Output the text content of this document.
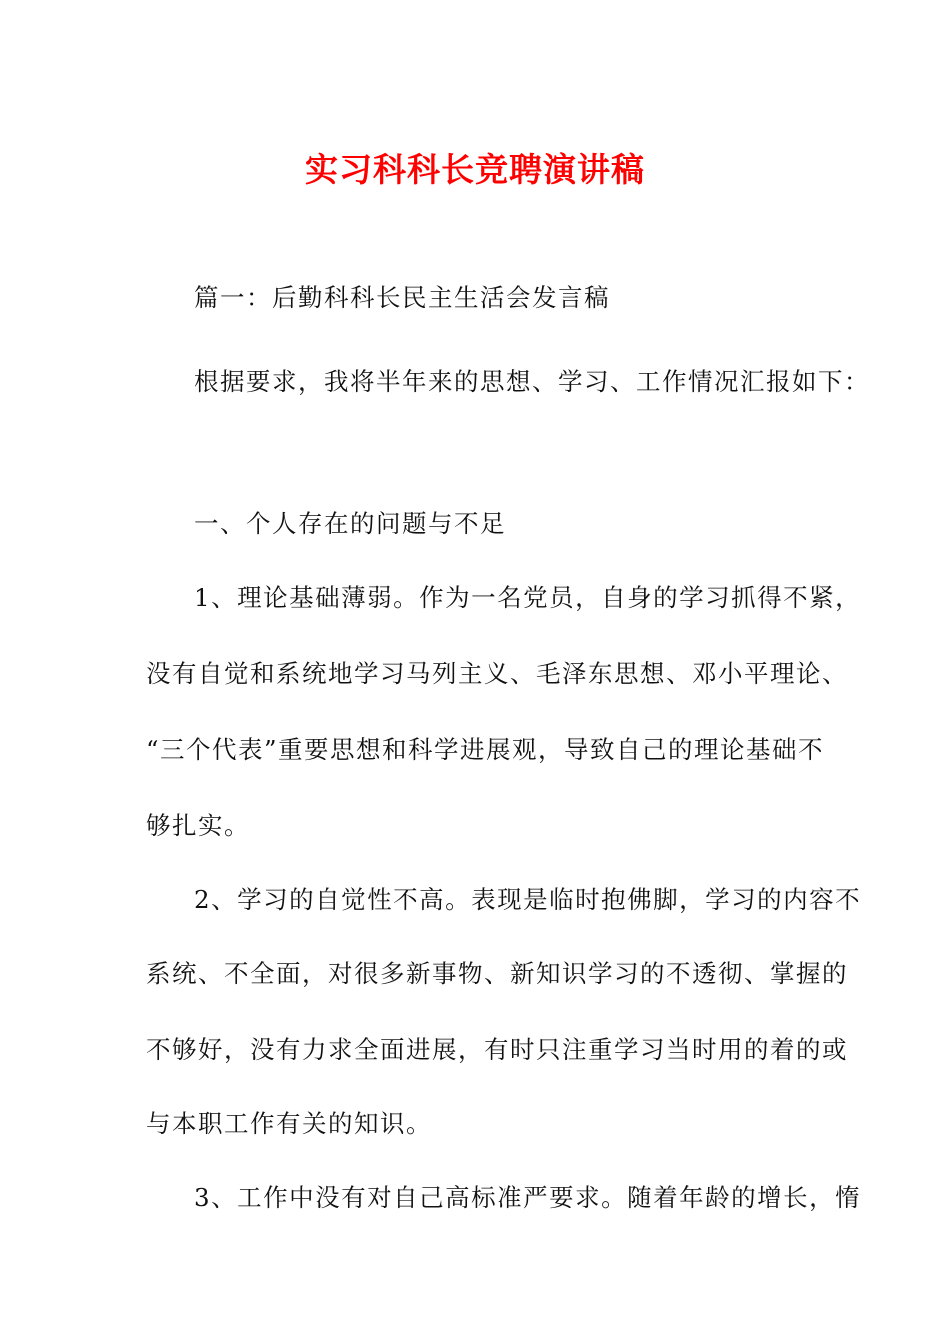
实习科科长竞聘演讲稿
篇一：后勤科科长民主生活会发言稿
根据要求，我将半年来的思想、学习、工作情况汇报如下：
一、个人存在的问题与不足
1、理论基础薄弱。作为一名党员，自身的学习抓得不紧，
没有自觉和系统地学习马列主义、毛泽东思想、邓小平理论、
“三个代表”重要思想和科学进展观，导致自己的理论基础不
够扎实。
2、学习的自觉性不高。表现是临时抱佛脚，学习的内容不
系统、不全面，对很多新事物、新知识学习的不透彻、掌握的
不够好，没有力求全面进展，有时只注重学习当时用的着的或
与本职工作有关的知识。
3、工作中没有对自己高标准严要求。随着年龄的增长，惰
